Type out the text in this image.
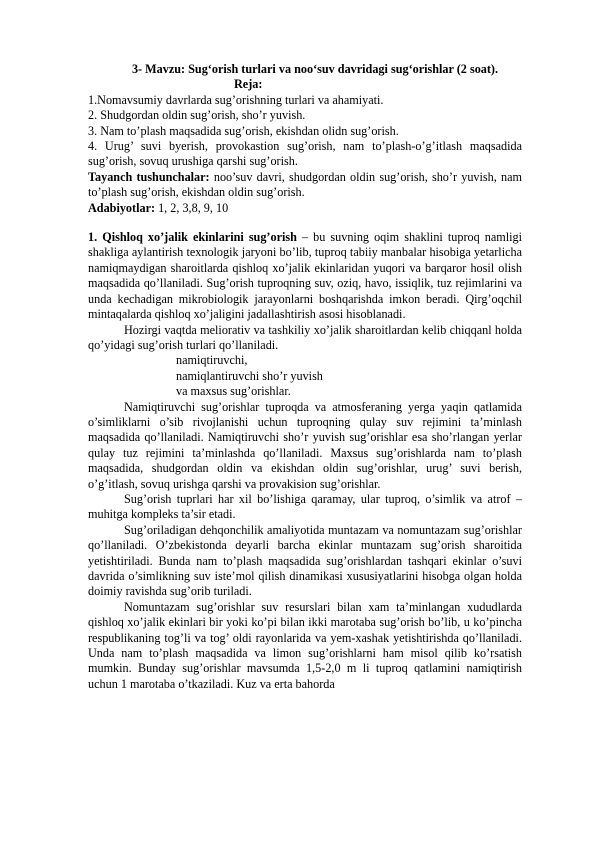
3- Mavzu: Sug‘orish turlari va noo‘suv davridagi sug‘orishlar (2 soat).

Reja:

1.Nomavsumiy davrlarda sug’orishning turlari va ahamiyati.

2. Shudgordan oldin sug’orish, sho’r yuvish.

3. Nam to’plash maqsadida sug’orish, ekishdan olidn sug’orish.

4. Urug’ suvi byerish, provokastion sug’orish, nam to’plash-o’g’itlash maqsadida sug’orish, sovuq urushiga qarshi sug’orish.

Tayanch tushunchalar: noo’suv davri, shudgordan oldin sug’orish, sho’r yuvish, nam to’plash sug’orish, ekishdan oldin sug’orish.

Adabiyotlar: 1, 2, 3,8, 9, 10

1. Qishloq xo’jalik ekinlarini sug’orish – bu suvning oqim shaklini tuproq namligi shakliga aylantirish texnologik jaryoni bo’lib, tuproq tabiiy manbalar hisobiga yetarlicha namiqmaydigan sharoitlarda qishloq xo’jalik ekinlaridan yuqori va barqaror hosil olish maqsadida qo’llaniladi. Sug’orish tuproqning suv, oziq, havo, issiqlik, tuz rejimlarini va unda kechadigan mikrobiologik jarayonlarni boshqarishda imkon beradi. Qirg’oqchil mintaqalarda qishloq xo’jaligini jadallashtirish asosi hisoblanadi.

Hozirgi vaqtda meliorativ va tashkiliy xo’jalik sharoitlardan kelib chiqqanl holda qo’yidagi sug’orish turlari qo’llaniladi.

namiqtiruvchi,

namiqlantiruvchi sho’r yuvish

va maxsus sug’orishlar.

Namiqtiruvchi sug’orishlar tuproqda va atmosferaning yerga yaqin qatlamida o’simliklarni o’sib rivojlanishi uchun tuproqning qulay suv rejimini ta’minlash maqsadida qo’llaniladi. Namiqtiruvchi sho’r yuvish sug’orishlar esa sho’rlangan yerlar qulay tuz rejimini ta’minlashda qo’llaniladi. Maxsus sug’orishlarda nam to’plash maqsadida, shudgordan oldin va ekishdan oldin sug’orishlar, urug’ suvi berish, o’g’itlash, sovuq urishga qarshi va provakision sug’orishlar.

Sug’orish tuprlari har xil bo’lishiga qaramay, ular tuproq, o’simlik va atrof – muhitga kompleks ta’sir etadi.

Sug’oriladigan dehqonchilik amaliyotida muntazam va nomuntazam sug’orishlar qo’llaniladi. O’zbekistonda deyarli barcha ekinlar muntazam sug’orish sharoitida yetishtiriladi. Bunda nam to’plash maqsadida sug’orishlardan tashqari ekinlar o’suvi davrida o’simlikning suv iste’mol qilish dinamikasi xususiyatlarini hisobga olgan holda doimiy ravishda sug’orib turiladi.

Nomuntazam sug’orishlar suv resurslari bilan xam ta’minlangan xududlarda qishloq xo’jalik ekinlari bir yoki ko’pi bilan ikki marotaba sug’orish bo’lib, u ko’pincha respublikaning tog’li va tog’ oldi rayonlarida va yem-xashak yetishtirishda qo’llaniladi. Unda nam to’plash maqsadida va limon sug’orishlarni ham misol qilib ko’rsatish mumkin. Bunday sug’orishlar mavsumda 1,5-2,0 m li tuproq qatlamini namiqtirish uchun 1 marotaba o’tkaziladi. Kuz va erta bahorda
